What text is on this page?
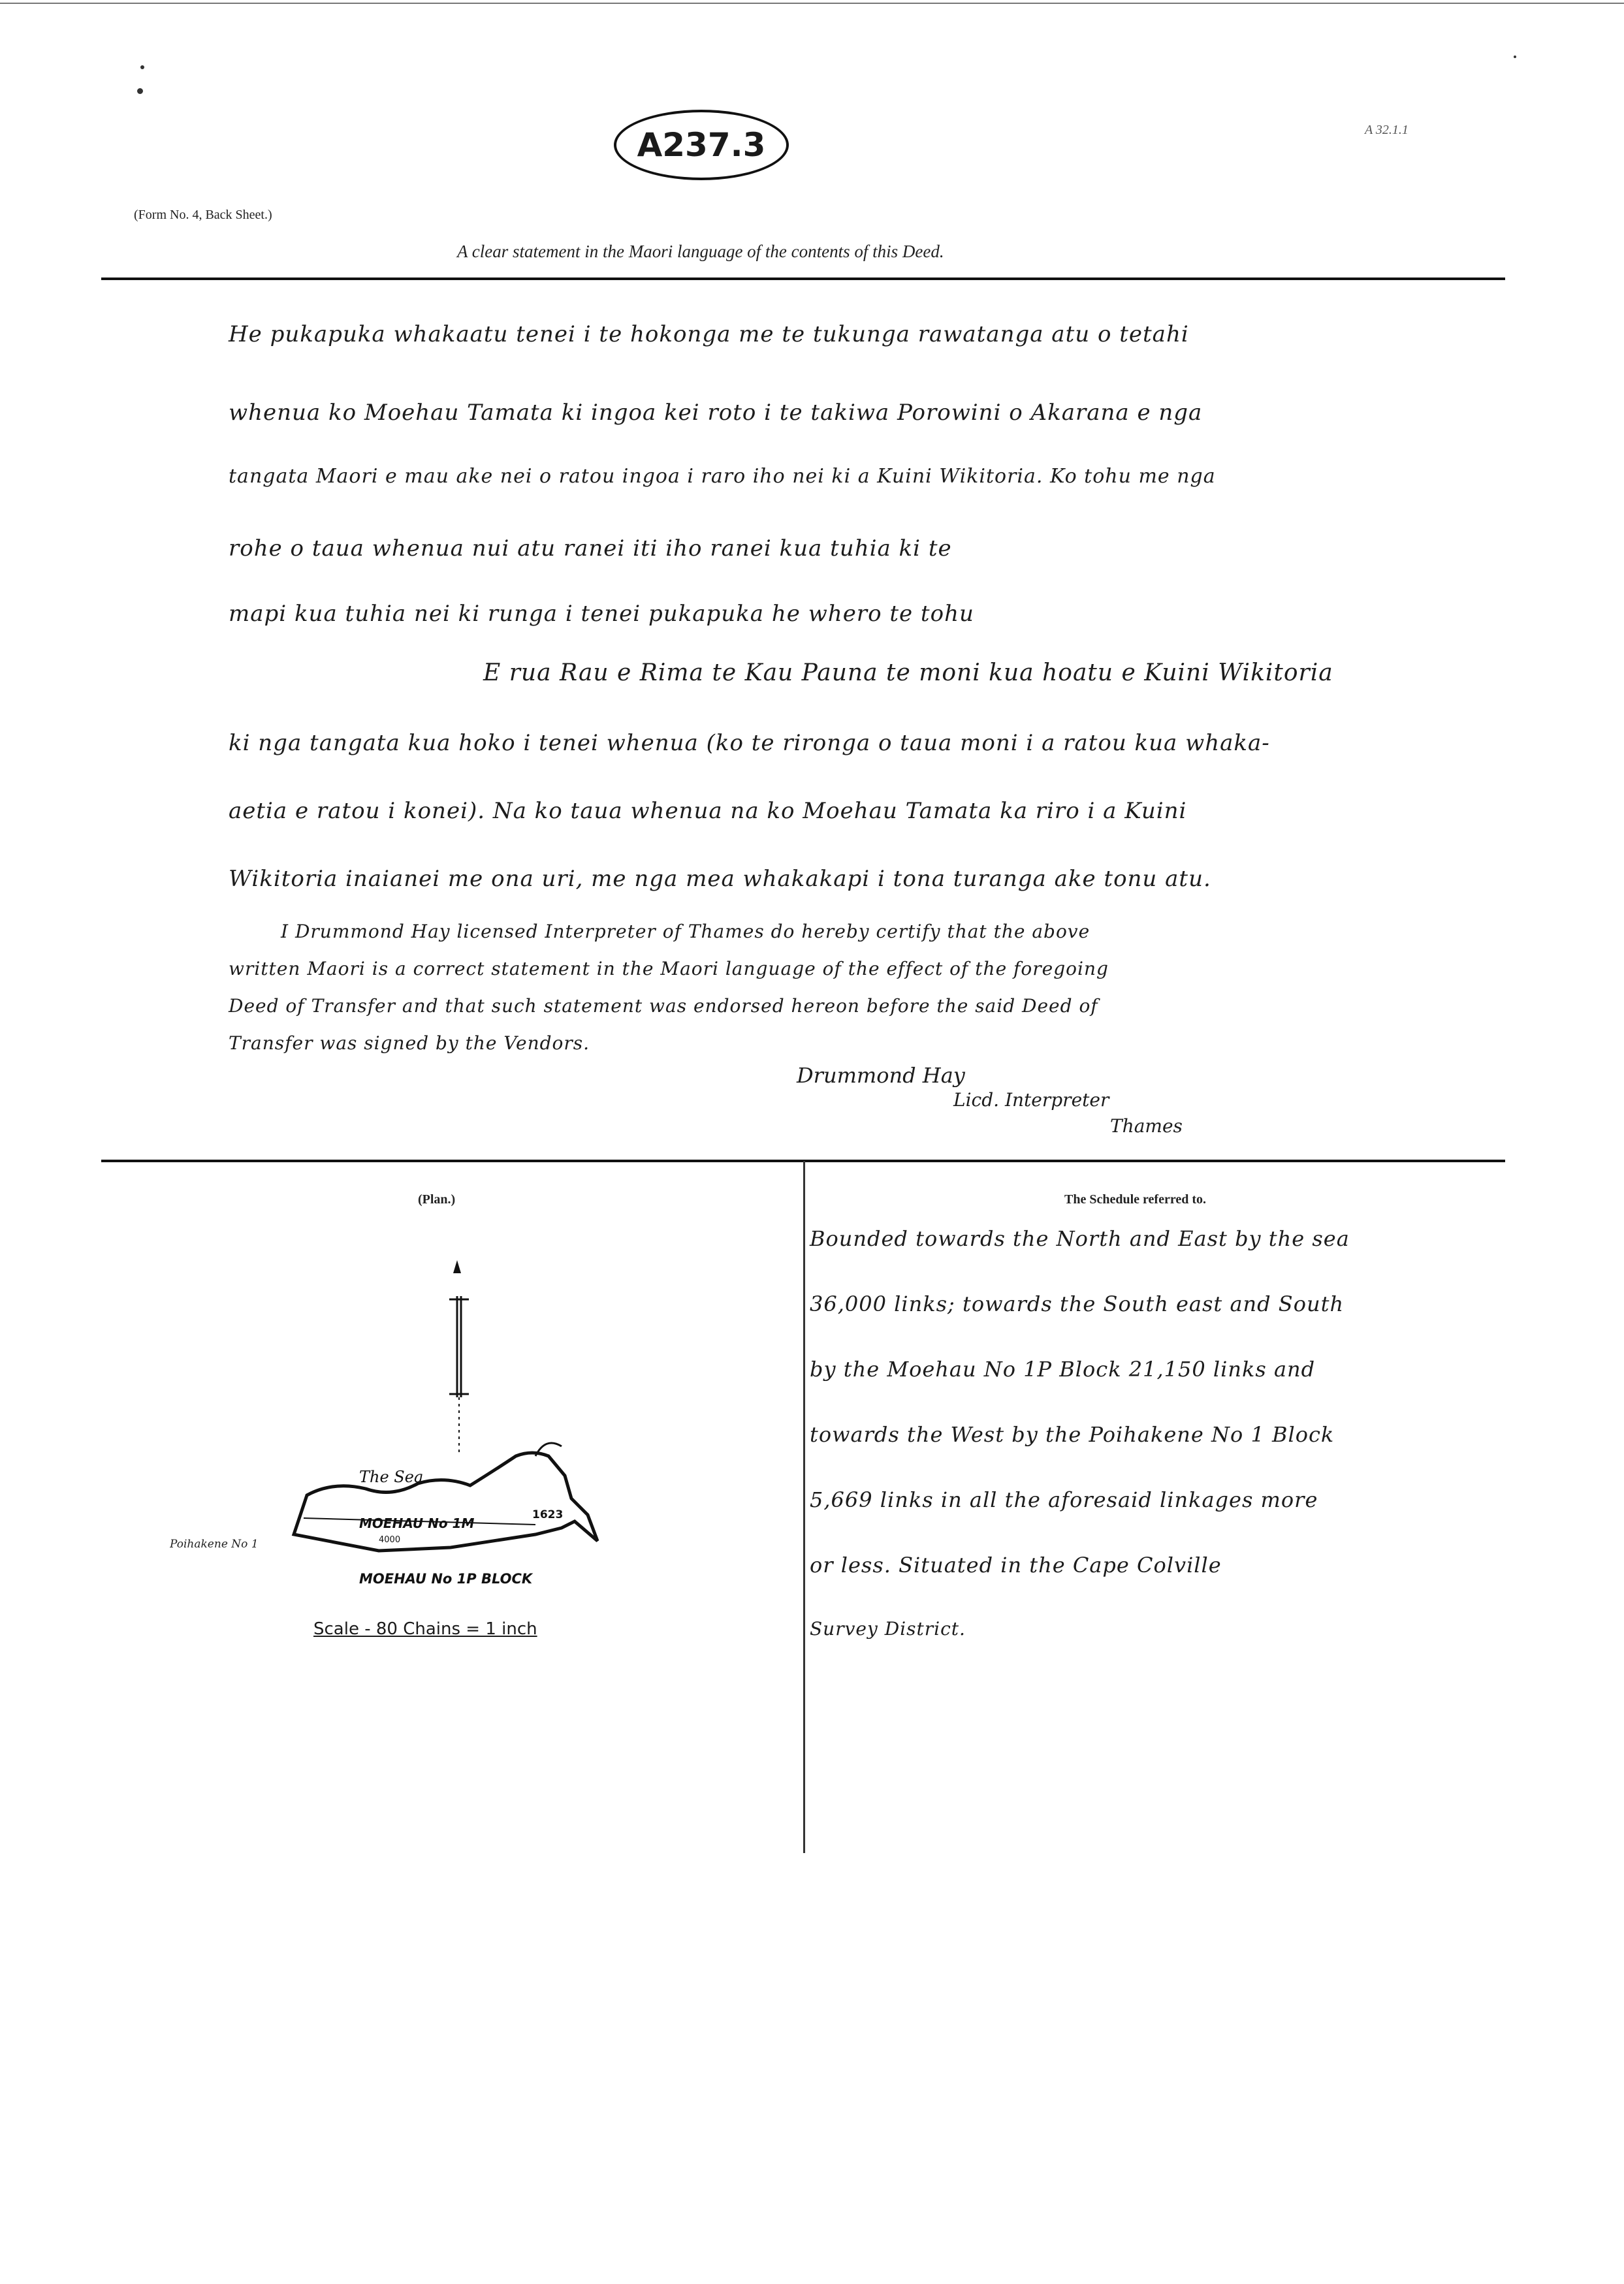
A237.3	A 32.1.1
(Form No. 4, Back Sheet.)
A clear statement in the Maori language of the contents of this Deed.
He pukapuka whakaatu tenei i te hokonga me te tukunga rawatanga atu o tetahi
whenua ko Moehau Tamata ki ingoa kei roto i te takiwa Porowini o Akarana e nga
tangata Maori e mau ake nei o ratou ingoa i raro iho nei ki a Kuini Wikitoria. Ko tohu me nga
rohe o taua whenua nui atu ranei iti iho ranei kua tuhia ki te
mapi kua tuhia nei ki runga i tenei pukapuka he whero te tohu
E rua Rau e Rima te Kau Pauna te moni kua hoatu e Kuini Wikitoria
ki nga tangata kua hoko i tenei whenua (ko te rironga o taua moni i a ratou kua whaka-
aetia e ratou i konei). Na ko taua whenua na ko Moehau Tamata ka riro i a Kuini
Wikitoria inaianei me ona uri, me nga mea whakakapi i tona turanga ake tonu atu.
I Drummond Hay licensed Interpreter of Thames do hereby certify that the above
written Maori is a correct statement in the Maori language of the effect of the foregoing
Deed of Transfer and that such statement was endorsed hereon before the said Deed of
Transfer was signed by the Vendors.
Drummond Hay
Licd. Interpreter
Thames
(Plan.)
The Sea
MOEHAU No 1M
4000
1623
Poihakene No 1
MOEHAU No 1P BLOCK
Scale - 80 Chains = 1 inch
The Schedule referred to.
Bounded towards the North and East by the sea
36,000 links; towards the South east and South
by the Moehau No 1P Block 21,150 links and
towards the West by the Poihakene No 1 Block
5,669 links in all the aforesaid linkages more
or less. Situated in the Cape Colville
Survey District.
